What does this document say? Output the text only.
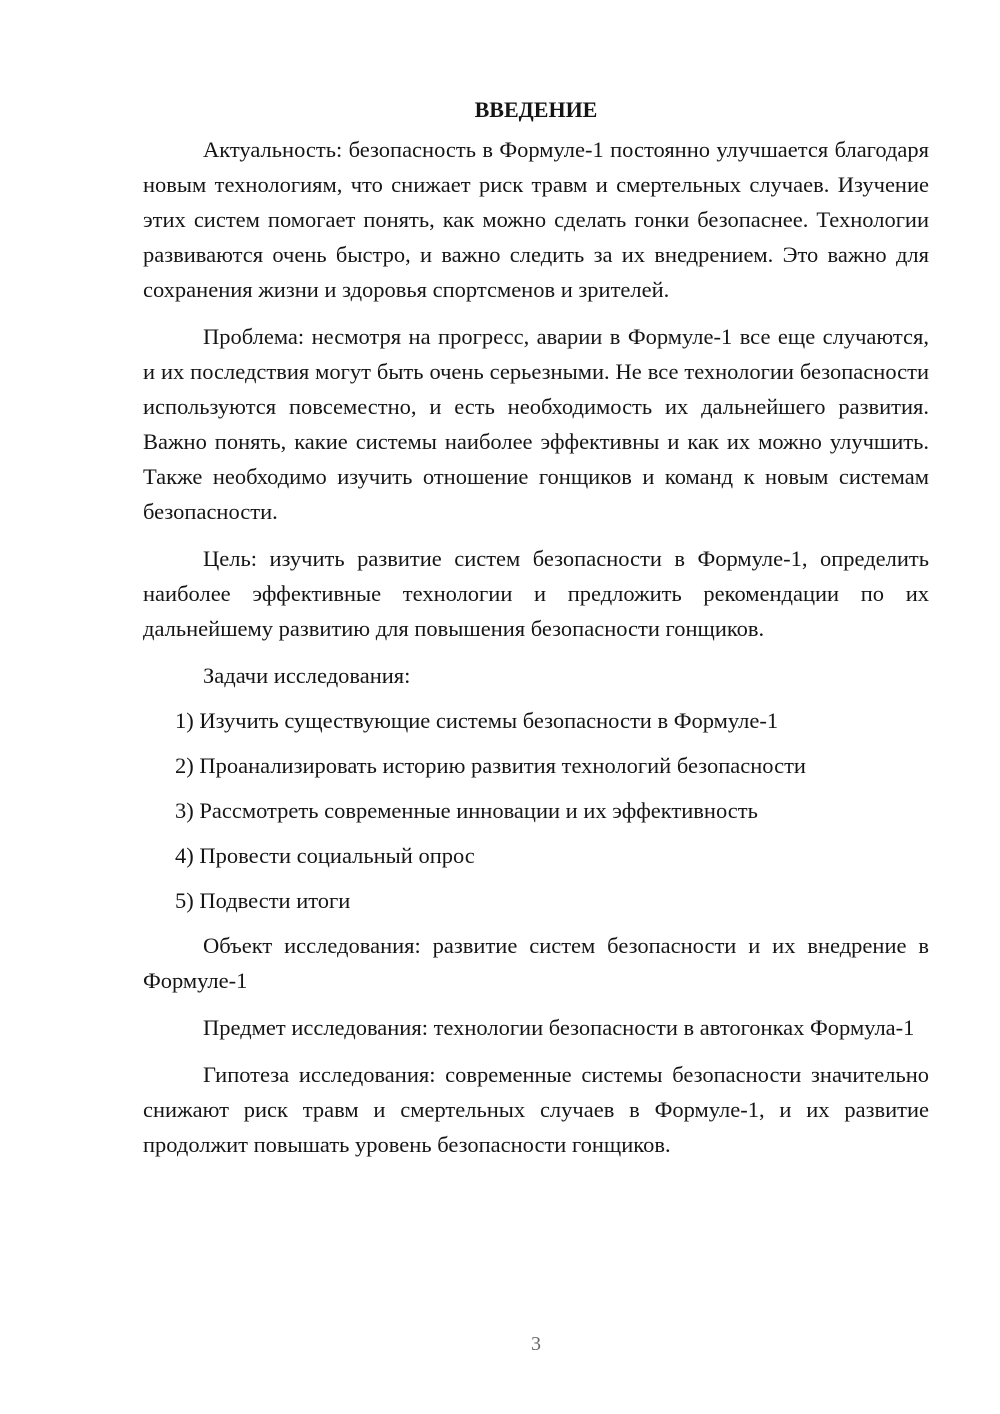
ВВЕДЕНИЕ

Актуальность: безопасность в Формуле-1 постоянно улучшается благодаря новым технологиям, что снижает риск травм и смертельных случаев. Изучение этих систем помогает понять, как можно сделать гонки безопаснее. Технологии развиваются очень быстро, и важно следить за их внедрением. Это важно для сохранения жизни и здоровья спортсменов и зрителей.

Проблема: несмотря на прогресс, аварии в Формуле-1 все еще случаются, и их последствия могут быть очень серьезными. Не все технологии безопасности используются повсеместно, и есть необходимость их дальнейшего развития. Важно понять, какие системы наиболее эффективны и как их можно улучшить. Также необходимо изучить отношение гонщиков и команд к новым системам безопасности.

Цель: изучить развитие систем безопасности в Формуле-1, определить наиболее эффективные технологии и предложить рекомендации по их дальнейшему развитию для повышения безопасности гонщиков.

Задачи исследования:
1) Изучить существующие системы безопасности в Формуле-1
2) Проанализировать историю развития технологий безопасности
3) Рассмотреть современные инновации и их эффективность
4) Провести социальный опрос
5) Подвести итоги

Объект исследования: развитие систем безопасности и их внедрение в Формуле-1

Предмет исследования: технологии безопасности в автогонках Формула-1

Гипотеза исследования: современные системы безопасности значительно снижают риск травм и смертельных случаев в Формуле-1, и их развитие продолжит повышать уровень безопасности гонщиков.

3
